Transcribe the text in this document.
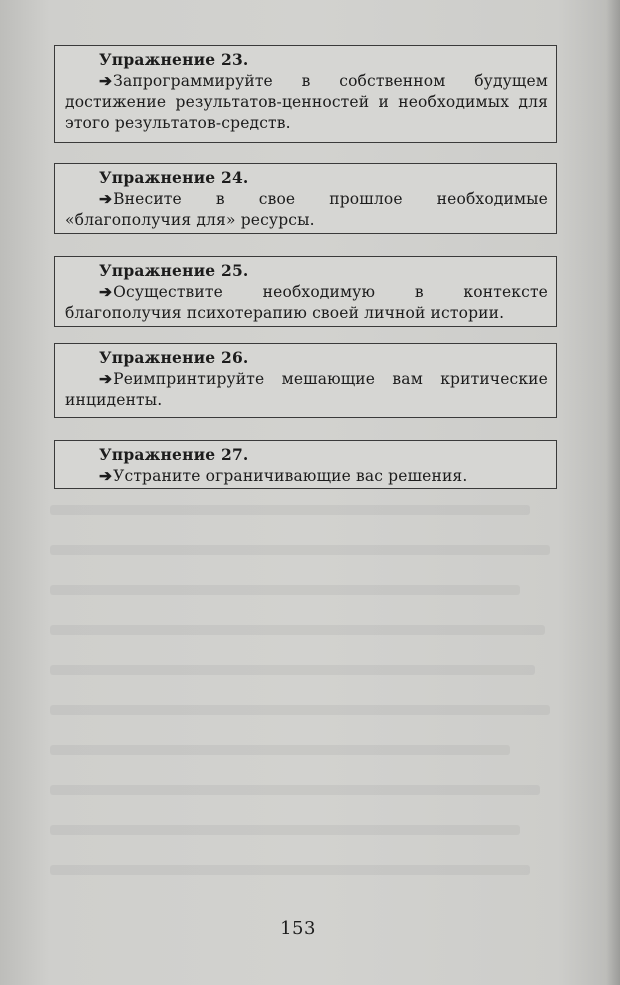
Упражнение 23.
➔Запрограммируйте в собственном будущем достижение результатов-ценностей и необходимых для этого результатов-средств.
Упражнение 24.
➔Внесите в свое прошлое необходимые «благополучия для» ресурсы.
Упражнение 25.
➔Осуществите необходимую в контексте благополучия психотерапию своей личной истории.
Упражнение 26.
➔Реимпринтируйте мешающие вам критические инциденты.
Упражнение 27.
➔Устраните ограничивающие вас решения.
153
